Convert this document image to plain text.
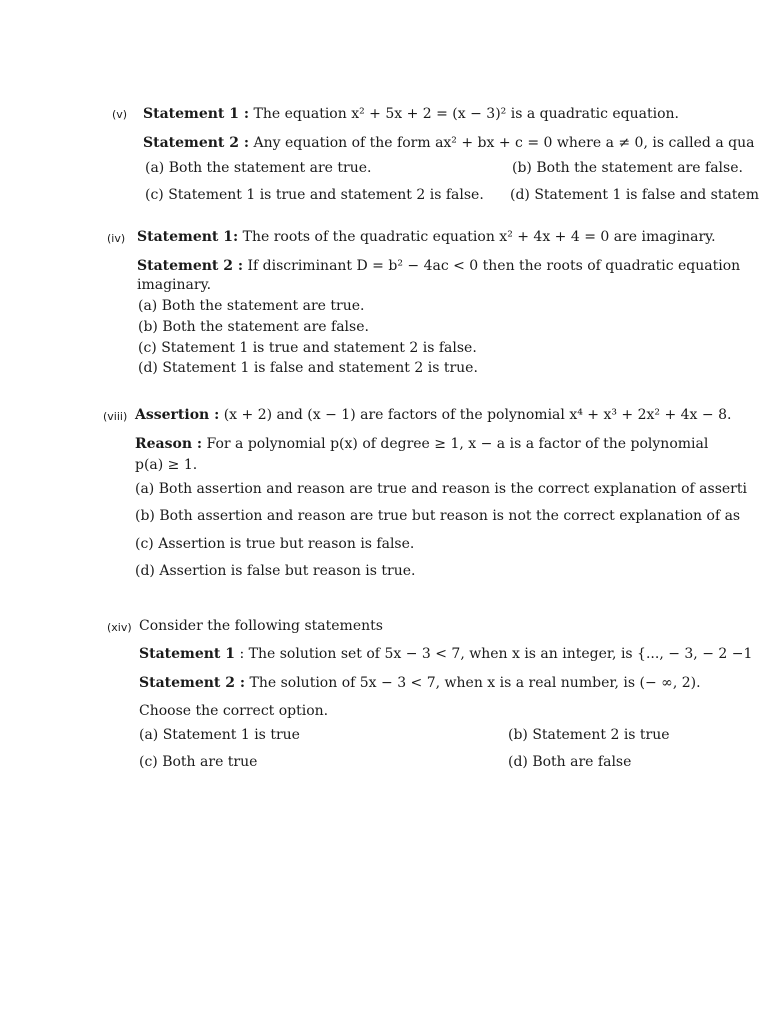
(v) Statement 1 : The equation x² + 5x + 2 = (x − 3)² is a quadratic equation.
Statement 2 : Any equation of the form ax² + bx + c = 0 where a ≠ 0, is called a qua
(a) Both the statement are true.	(b) Both the statement are false.
(c) Statement 1 is true and statement 2 is false. (d) Statement 1 is false and statem
(iv) Statement 1: The roots of the quadratic equation x² + 4x + 4 = 0 are imaginary.
Statement 2 : If discriminant D = b² − 4ac < 0 then the roots of quadratic equation
imaginary.
(a) Both the statement are true.
(b) Both the statement are false.
(c) Statement 1 is true and statement 2 is false.
(d) Statement 1 is false and statement 2 is true.
(viii) Assertion : (x + 2) and (x − 1) are factors of the polynomial x⁴ + x³ + 2x² + 4x − 8.
Reason : For a polynomial p(x) of degree ≥ 1, x − a is a factor of the polynomial
p(a) ≥ 1.
(a) Both assertion and reason are true and reason is the correct explanation of asserti
(b) Both assertion and reason are true but reason is not the correct explanation of as
(c) Assertion is true but reason is false.
(d) Assertion is false but reason is true.
(xiv) Consider the following statements
Statement 1 : The solution set of 5x − 3 < 7, when x is an integer, is {..., − 3, − 2 −1
Statement 2 : The solution of 5x − 3 < 7, when x is a real number, is (− ∞, 2).
Choose the correct option.
(a) Statement 1 is true	(b) Statement 2 is true
(c) Both are true	(d) Both are false
